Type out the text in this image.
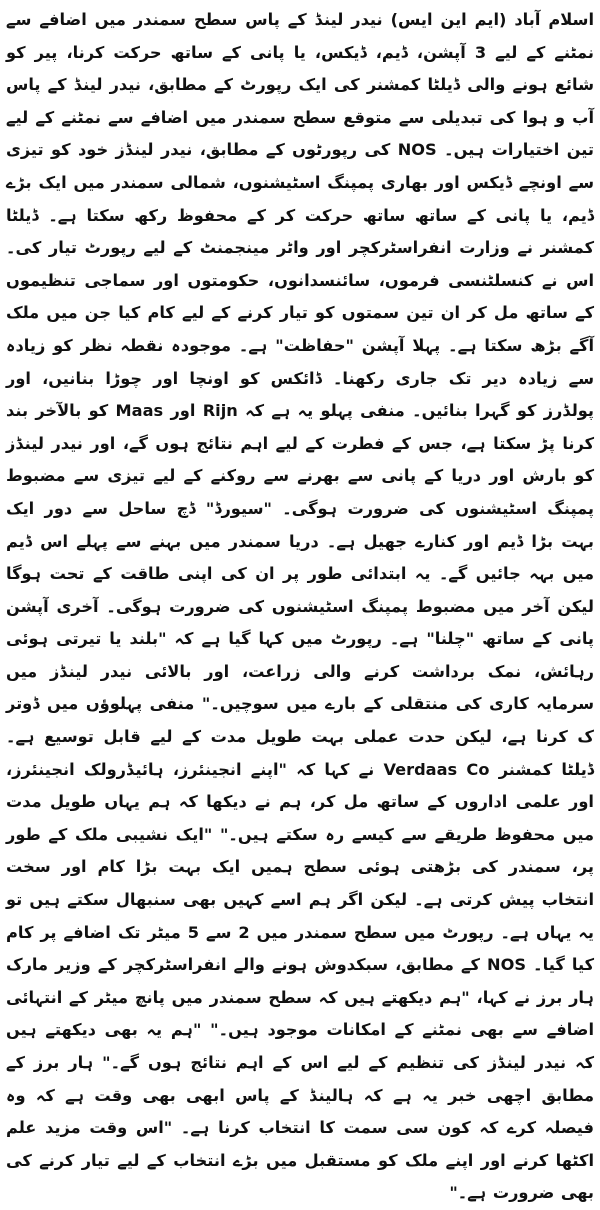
اسلام آباد (ایم این ایس) نیدر لینڈ کے پاس سطح سمندر میں اضافے سے نمٹنے کے لیے 3 آپشن، ڈیم، ڈیکس، یا پانی کے ساتھ حرکت کرنا، پیر کو شائع ہونے والی ڈیلٹا کمشنر کی ایک رپورٹ کے مطابق، نیدر لینڈ کے پاس آب و ہوا کی تبدیلی سے متوقع سطح سمندر میں اضافے سے نمٹنے کے لیے تین اختیارات ہیں۔ NOS کی رپورٹوں کے مطابق، نیدر لینڈز خود کو تیزی سے اونچے ڈیکس اور بھاری پمپنگ اسٹیشنوں، شمالی سمندر میں ایک بڑے ڈیم، یا پانی کے ساتھ ساتھ حرکت کر کے محفوظ رکھ سکتا ہے۔ ڈیلٹا کمشنر نے وزارت انفراسٹرکچر اور واٹر مینجمنٹ کے لیے رپورٹ تیار کی۔ اس نے کنسلٹنسی فرموں، سائنسدانوں، حکومتوں اور سماجی تنظیموں کے ساتھ مل کر ان تین سمتوں کو تیار کرنے کے لیے کام کیا جن میں ملک آگے بڑھ سکتا ہے۔ پہلا آپشن "حفاظت" ہے۔ موجودہ نقطہ نظر کو زیادہ سے زیادہ دیر تک جاری رکھنا۔ ڈائکس کو اونچا اور چوڑا بنانیں، اور پولڈرز کو گہرا بنائیں۔ منفی پہلو یہ ہے کہ Rijn اور Maas کو بالآخر بند کرنا پڑ سکتا ہے، جس کے فطرت کے لیے اہم نتائج ہوں گے، اور نیدر لینڈز کو بارش اور دریا کے پانی سے بھرنے سے روکنے کے لیے تیزی سے مضبوط پمپنگ اسٹیشنوں کی ضرورت ہوگی۔ "سیورڈ" ڈچ ساحل سے دور ایک بہت بڑا ڈیم اور کنارے جھیل ہے۔ دریا سمندر میں بہنے سے پہلے اس ڈیم میں بہہ جائیں گے۔ یہ ابتدائی طور پر ان کی اپنی طاقت کے تحت ہوگا لیکن آخر میں مضبوط پمپنگ اسٹیشنوں کی ضرورت ہوگی۔ آخری آپشن پانی کے ساتھ "چلنا" ہے۔ رپورٹ میں کہا گیا ہے کہ "بلند یا تیرتی ہوئی رہائش، نمک برداشت کرنے والی زراعت، اور بالائی نیدر لینڈز میں سرمایہ کاری کی منتقلی کے بارے میں سوچیں۔" منفی پہلوؤں میں ڈوتر ک کرنا ہے، لیکن حدت عملی بہت طویل مدت کے لیے قابل توسیع ہے۔ ڈیلٹا کمشنر Verdaas Co نے کہا کہ "اپنے انجینئرز، ہائیڈرولک انجینئرز، اور علمی اداروں کے ساتھ مل کر، ہم نے دیکھا کہ ہم یہاں طویل مدت میں محفوظ طریقے سے کیسے رہ سکتے ہیں۔" "ایک نشیبی ملک کے طور پر، سمندر کی بڑھتی ہوئی سطح ہمیں ایک بہت بڑا کام اور سخت انتخاب پیش کرتی ہے۔ لیکن اگر ہم اسے کہیں بھی سنبھال سکتے ہیں تو یہ یہاں ہے۔ رپورٹ میں سطح سمندر میں 2 سے 5 میٹر تک اضافے پر کام کیا گیا۔ NOS کے مطابق، سبکدوش ہونے والے انفراسٹرکچر کے وزیر مارک ہار برز نے کہا، "ہم دیکھتے ہیں کہ سطح سمندر میں پانچ میٹر کے انتہائی اضافے سے بھی نمٹنے کے امکانات موجود ہیں۔" "ہم یہ بھی دیکھتے ہیں کہ نیدر لینڈز کی تنظیم کے لیے اس کے اہم نتائج ہوں گے۔" ہار برز کے مطابق اچھی خبر یہ ہے کہ ہالینڈ کے پاس ابھی بھی وقت ہے کہ وہ فیصلہ کرے کہ کون سی سمت کا انتخاب کرنا ہے۔ "اس وقت مزید علم اکٹھا کرنے اور اپنے ملک کو مستقبل میں بڑے انتخاب کے لیے تیار کرنے کی بھی ضرورت ہے۔"
